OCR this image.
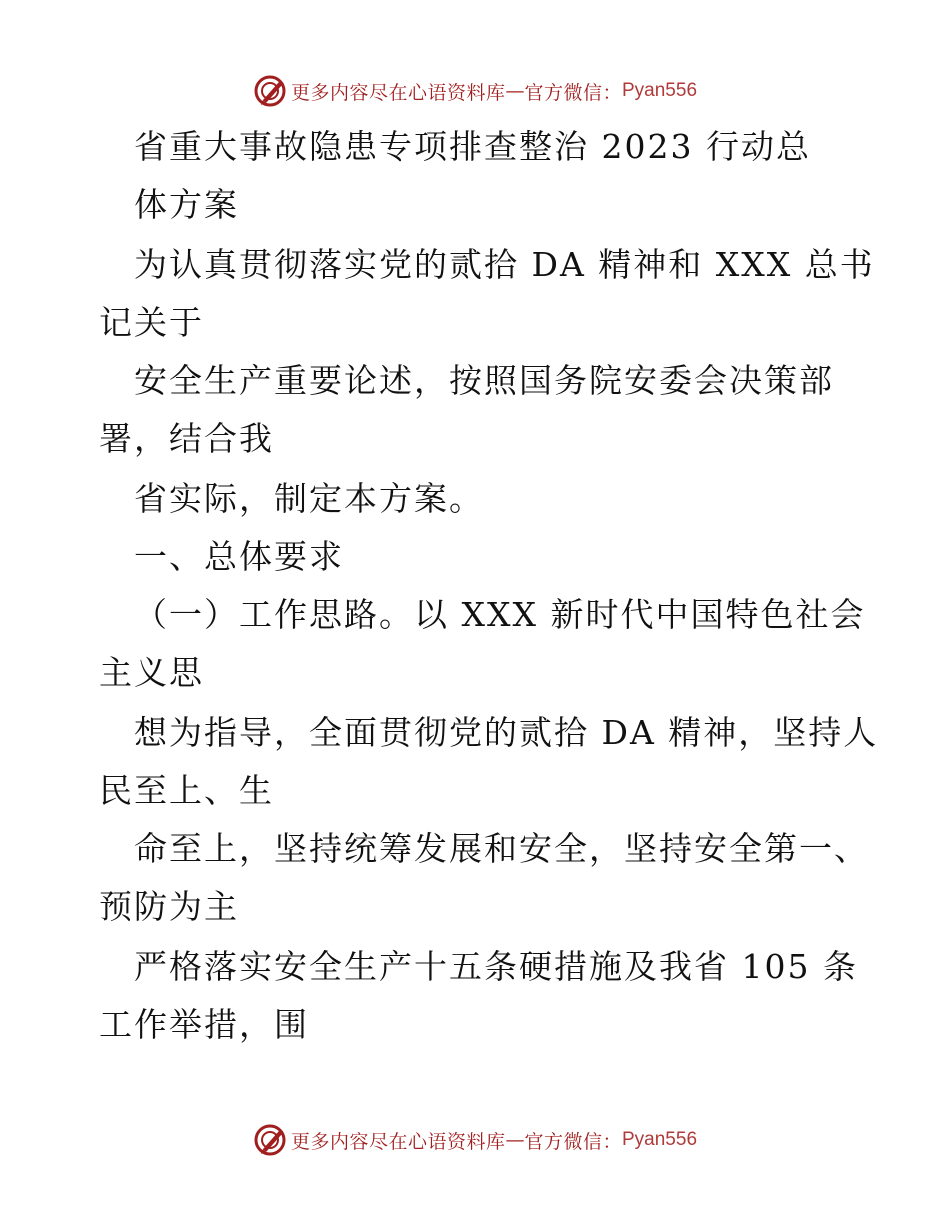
更多内容尽在心语资料库 — 官方微信： Pyan556
省重大事故隐患专项排查整治 2023 行动总
体方案
为认真贯彻落实党的贰拾 DA 精神和 XXX 总书
记关于
安全生产重要论述，按照国务院安委会决策部
署，结合我
省实际，制定本方案。
一、总体要求
（一）工作思路。以 XXX 新时代中国特色社会
主义思
想为指导，全面贯彻党的贰拾 DA 精神，坚持人
民至上、生
命至上，坚持统筹发展和安全，坚持安全第一、
预防为主
严格落实安全生产十五条硬措施及我省 105 条
工作举措，围
更多内容尽在心语资料库 — 官方微信： Pyan556
